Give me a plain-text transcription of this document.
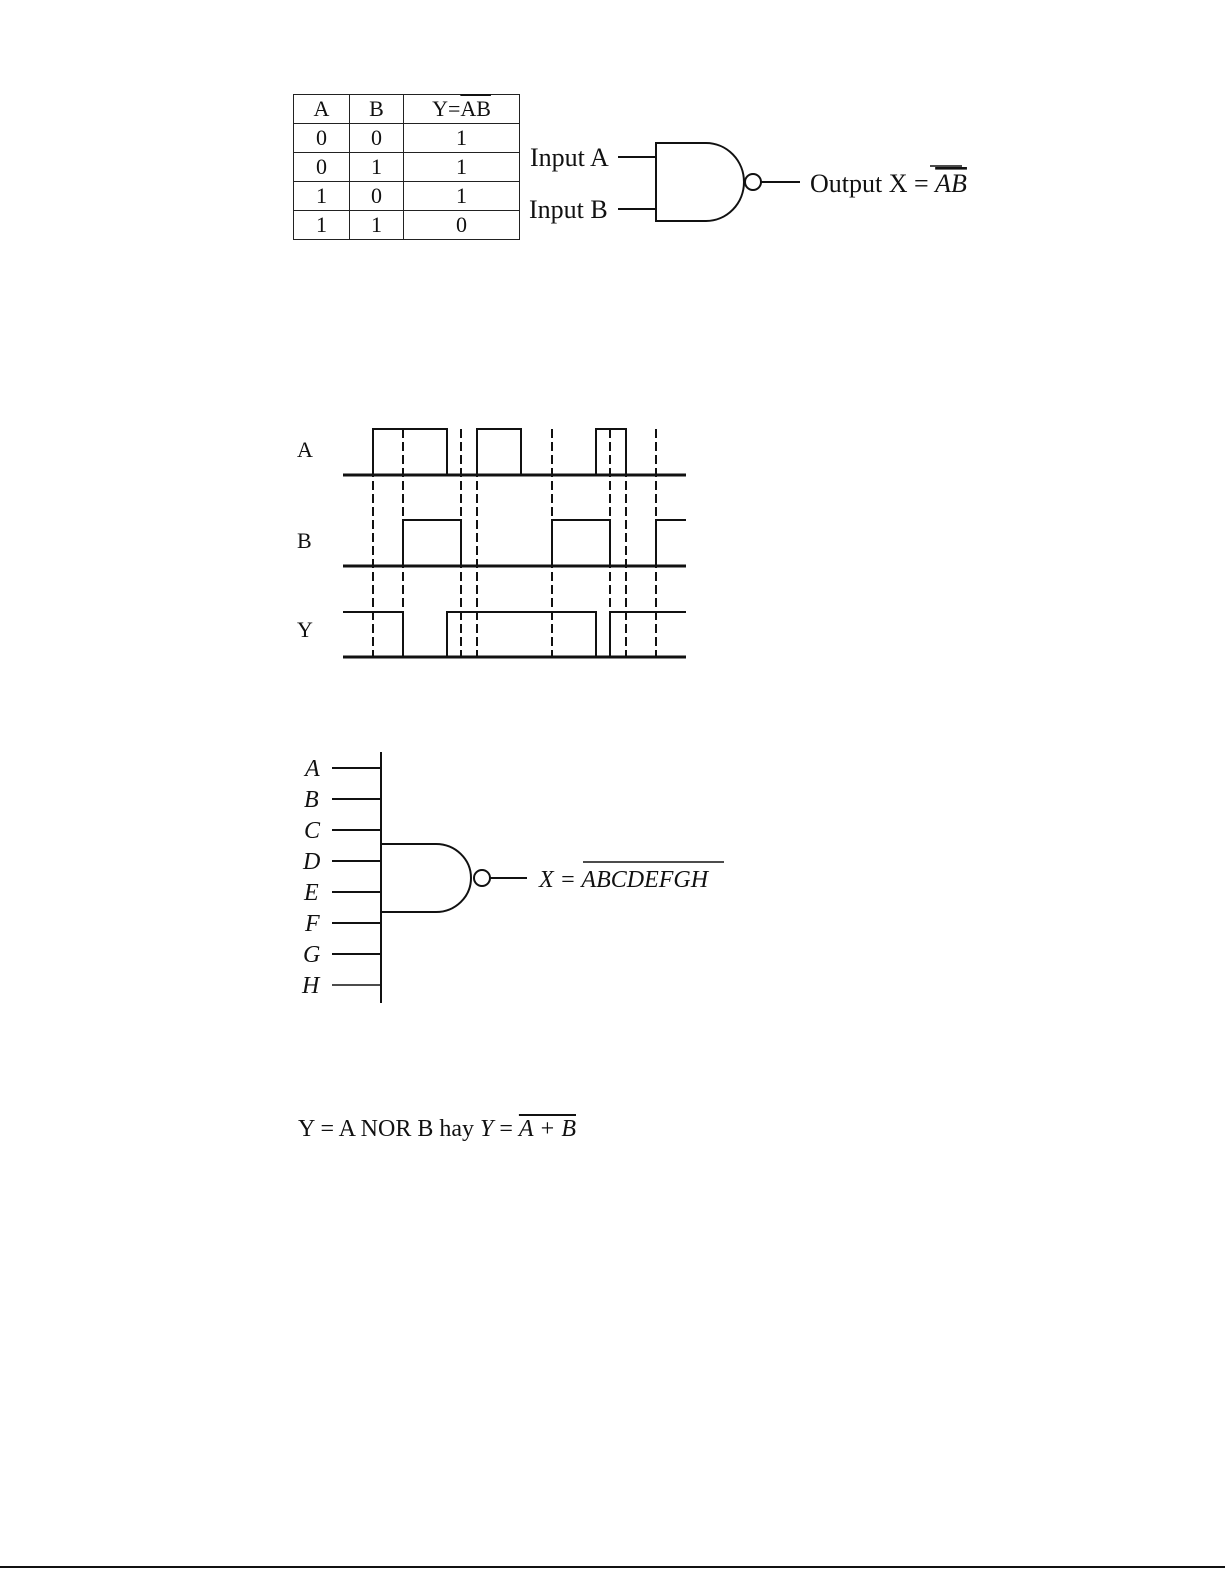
A	B	$Y=\overline{AB}$
0	0	1
0	1	1
1	0	1
1	1	0
Input A
Input B
Output X = AB
A
B
Y
A
B
C
D
E
F
G
H
X = ABCDEFGH
Y = A NOR B hay Y = A + B
